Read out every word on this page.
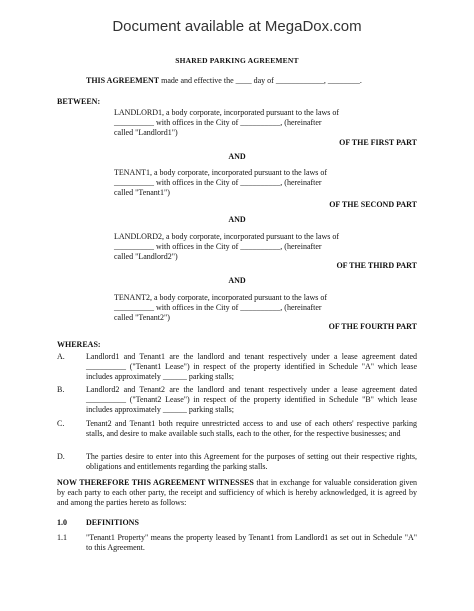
Document available at MegaDox.com
SHARED PARKING AGREEMENT
THIS AGREEMENT made and effective the ____ day of ____________, ________.
BETWEEN:
LANDLORD1, a body corporate, incorporated pursuant to the laws of
__________ with offices in the City of __________, (hereinafter
called "Landlord1")
OF THE FIRST PART
AND
TENANT1, a body corporate, incorporated pursuant to the laws of
__________ with offices in the City of __________, (hereinafter
called "Tenant1")
OF THE SECOND PART
AND
LANDLORD2, a body corporate, incorporated pursuant to the laws of
__________ with offices in the City of __________, (hereinafter
called "Landlord2")
OF THE THIRD PART
AND
TENANT2, a body corporate, incorporated pursuant to the laws of
__________ with offices in the City of __________, (hereinafter
called "Tenant2")
OF THE FOURTH PART
WHEREAS:
A.	Landlord1 and Tenant1 are the landlord and tenant respectively under a lease agreement dated __________ ("Tenant1 Lease") in respect of the property identified in Schedule "A" which lease includes approximately ______ parking stalls;
B.	Landlord2 and Tenant2 are the landlord and tenant respectively under a lease agreement dated __________ ("Tenant2 Lease") in respect of the property identified in Schedule "B" which lease includes approximately ______ parking stalls;
C.	Tenant2 and Tenant1 both require unrestricted access to and use of each others' respective parking stalls, and desire to make available such stalls, each to the other, for the respective businesses; and
D.	The parties desire to enter into this Agreement for the purposes of setting out their respective rights, obligations and entitlements regarding the parking stalls.
NOW THEREFORE THIS AGREEMENT WITNESSES that in exchange for valuable consideration given by each party to each other party, the receipt and sufficiency of which is hereby acknowledged, it is agreed by and among the parties hereto as follows:
1.0 DEFINITIONS
1.1 "Tenant1 Property" means the property leased by Tenant1 from Landlord1 as set out in Schedule "A" to this Agreement.
